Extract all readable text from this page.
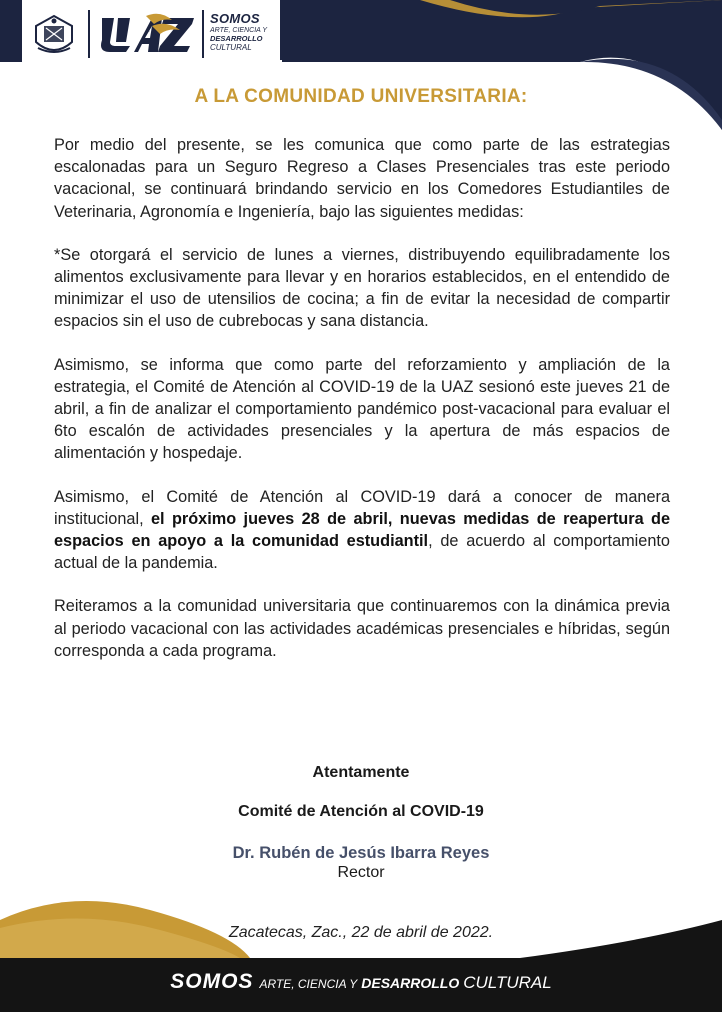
UAZ
SOMOS
ARTE, CIENCIA Y
DESARROLLO
CULTURAL
A LA COMUNIDAD UNIVERSITARIA:

Por medio del presente, se les comunica que como parte de las estrategias escalonadas para un Seguro Regreso a Clases Presenciales tras este periodo vacacional, se continuará brindando servicio en los Comedores Estudiantiles de Veterinaria, Agronomía e Ingeniería, bajo las siguientes medidas:

*Se otorgará el servicio de lunes a viernes, distribuyendo equilibradamente los alimentos exclusivamente para llevar y en horarios establecidos, en el entendido de minimizar el uso de utensilios de cocina; a fin de evitar la necesidad de compartir espacios sin el uso de cubrebocas y sana distancia.

Asimismo, se informa que como parte del reforzamiento y ampliación de la estrategia, el Comité de Atención al COVID-19 de la UAZ sesionó este jueves 21 de abril, a fin de analizar el comportamiento pandémico post-vacacional para evaluar el 6to escalón de actividades presenciales y la apertura de más espacios de alimentación y hospedaje.

Asimismo, el Comité de Atención al COVID-19 dará a conocer de manera institucional, el próximo jueves 28 de abril, nuevas medidas de reapertura de espacios en apoyo a la comunidad estudiantil, de acuerdo al comportamiento actual de la pandemia.

Reiteramos a la comunidad universitaria que continuaremos con la dinámica previa al periodo vacacional con las actividades académicas presenciales e híbridas, según corresponda a cada programa.

Atentamente
Comité de Atención al COVID-19
Dr. Rubén de Jesús Ibarra Reyes
Rector
Zacatecas, Zac., 22 de abril de 2022.
SOMOS ARTE, CIENCIA Y DESARROLLO CULTURAL
